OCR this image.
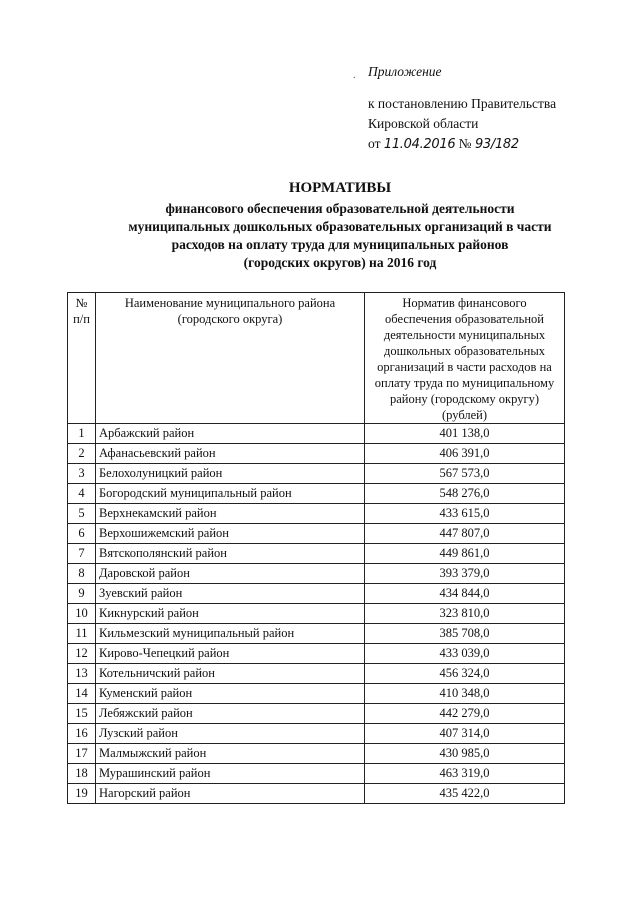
. Приложение
к постановлению Правительства
Кировской области
от 11.04.2016 № 93/182
НОРМАТИВЫ
финансового обеспечения образовательной деятельности
муниципальных дошкольных образовательных организаций в части
расходов на оплату труда для муниципальных районов
(городских округов) на 2016 год
№ п/п	Наименование муниципального района (городского округа)	Норматив финансового обеспечения образовательной деятельности муниципальных дошкольных образовательных организаций в части расходов на оплату труда по муниципальному району (городскому округу) (рублей)
1	Арбажский район	401 138,0
2	Афанасьевский район	406 391,0
3	Белохолуницкий район	567 573,0
4	Богородский муниципальный район	548 276,0
5	Верхнекамский район	433 615,0
6	Верхошижемский район	447 807,0
7	Вятскополянский район	449 861,0
8	Даровской район	393 379,0
9	Зуевский район	434 844,0
10	Кикнурский район	323 810,0
11	Кильмезский муниципальный район	385 708,0
12	Кирово-Чепецкий район	433 039,0
13	Котельничский район	456 324,0
14	Куменский район	410 348,0
15	Лебяжский район	442 279,0
16	Лузский район	407 314,0
17	Малмыжский район	430 985,0
18	Мурашинский район	463 319,0
19	Нагорский район	435 422,0
